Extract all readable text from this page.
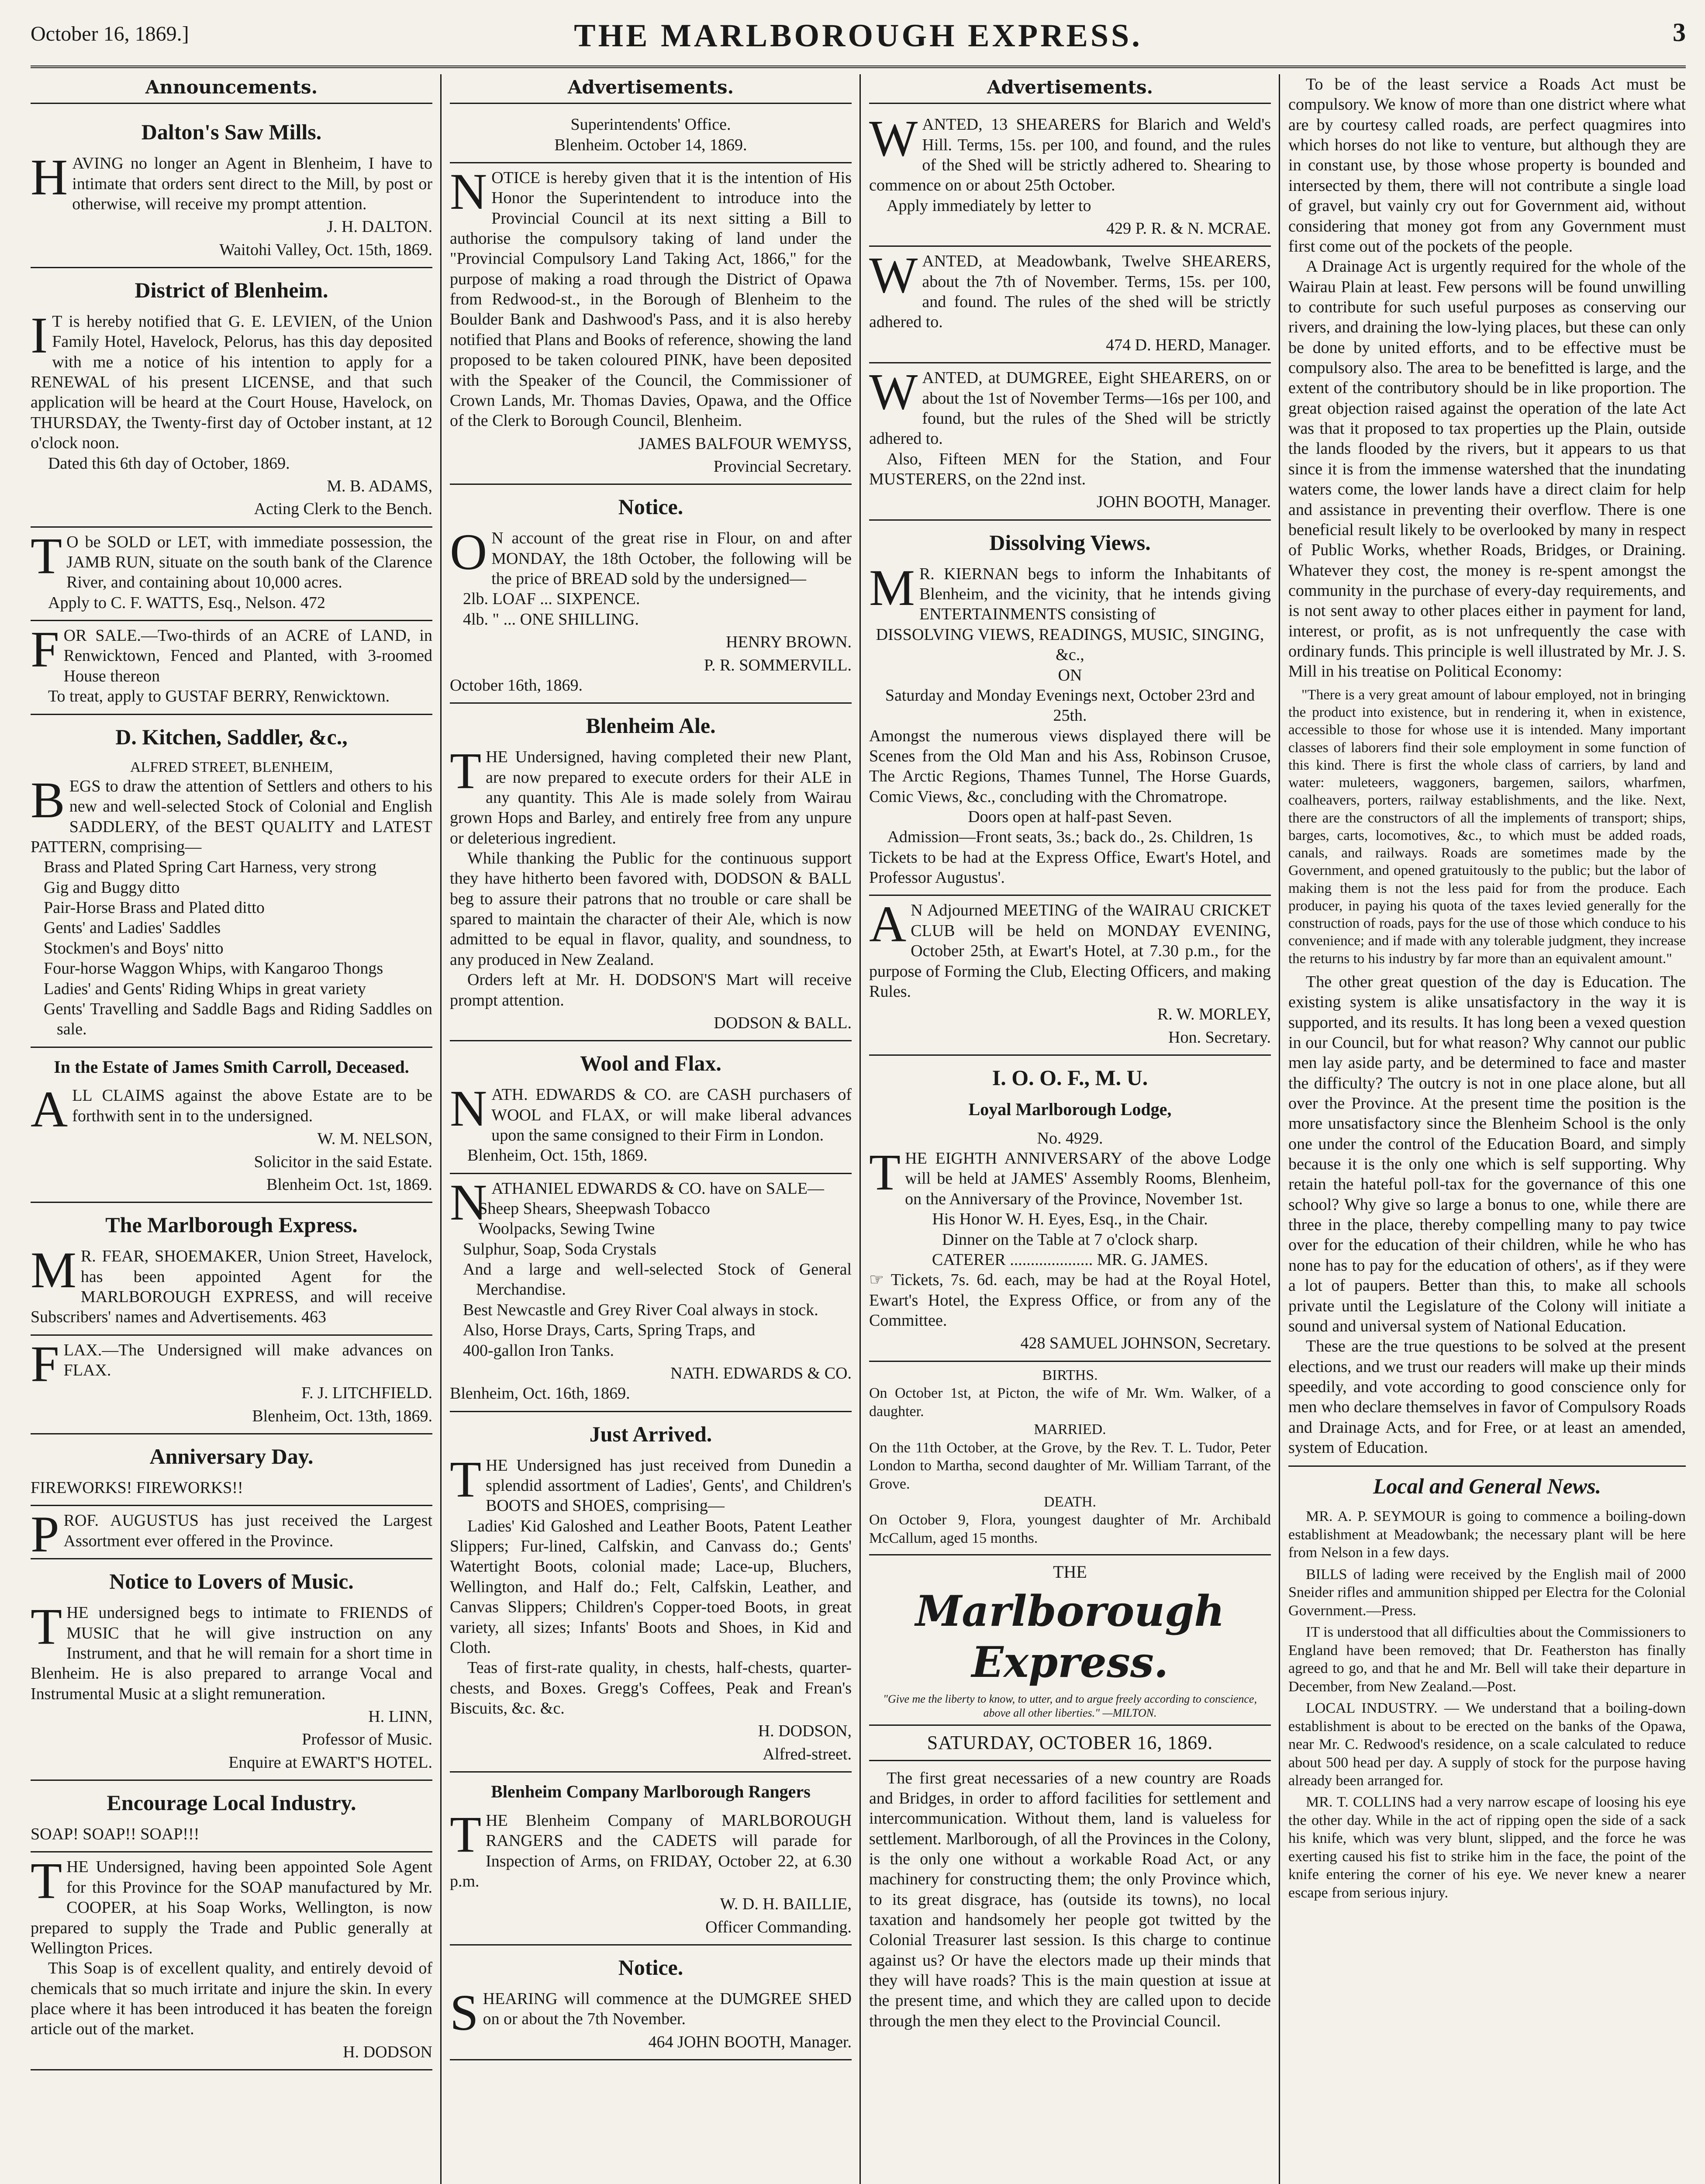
October 16, 1869.]	THE MARLBOROUGH EXPRESS.	3
Announcements.
Dalton's Saw Mills.

HAVING no longer an Agent in Blenheim, I have to intimate that orders sent direct to the Mill, by post or otherwise, will receive my prompt attention.

J. H. DALTON.
Waitohi Valley, Oct. 15th, 1869.
District of Blenheim.

I T is hereby notified that G. E. LEVIEN, of the Union Family Hotel, Havelock, Pelorus, has this day deposited with me a notice of his intention to apply for a RENEWAL of his present LICENSE, and that such application will be heard at the Court House, Havelock, on THURSDAY, the Twenty-first day of October instant, at 12 o'clock noon.

Dated this 6th day of October, 1869.

M. B. ADAMS,
Acting Clerk to the Bench.

T O be SOLD or LET, with immediate possession, the JAMB RUN, situate on the south bank of the Clarence River, and containing about 10,000 acres.

Apply to C. F. WATTS, Esq., Nelson. 472

FOR SALE.—Two-thirds of an ACRE of LAND, in Renwicktown, Fenced and Planted, with 3-roomed House thereon

To treat, apply to GUSTAF BERRY, Renwicktown.

D. Kitchen, Saddler, &c.,
ALFRED STREET, BLENHEIM,

BEGS to draw the attention of Settlers and others to his new and well-selected Stock of Colonial and English SADDLERY, of the BEST QUALITY and LATEST PATTERN, comprising—

Brass and Plated Spring Cart Harness, very strong
Gig and Buggy ditto
Pair-Horse Brass and Plated ditto
Gents' and Ladies' Saddles
Stockmen's and Boys' nitto
Four-horse Waggon Whips, with Kangaroo Thongs
Ladies' and Gents' Riding Whips in great variety
Gents' Travelling and Saddle Bags and Riding Saddles on sale.
In the Estate of James Smith Carroll, Deceased.

ALL CLAIMS against the above Estate are to be forthwith sent in to the undersigned.

W. M. NELSON,
Solicitor in the said Estate.
Blenheim Oct. 1st, 1869.
The Marlborough Express.

M R. FEAR, SHOEMAKER, Union Street, Havelock, has been appointed Agent for the MARLBOROUGH EXPRESS, and will receive Subscribers' names and Advertisements. 463

FLAX.—The Undersigned will make advances on FLAX.

F. J. LITCHFIELD.
Blenheim, Oct. 13th, 1869.
Anniversary Day.

FIREWORKS! FIREWORKS!!

PROF. AUGUSTUS has just received the Largest Assortment ever offered in the Province.

Notice to Lovers of Music.

THE undersigned begs to intimate to FRIENDS of MUSIC that he will give instruction on any Instrument, and that he will remain for a short time in Blenheim. He is also prepared to arrange Vocal and Instrumental Music at a slight remuneration.

H. LINN,
Professor of Music.
Enquire at EWART'S HOTEL.
Encourage Local Industry.

SOAP! SOAP!! SOAP!!!

THE Undersigned, having been appointed Sole Agent for this Province for the SOAP manufactured by Mr. COOPER, at his Soap Works, Wellington, is now prepared to supply the Trade and Public generally at Wellington Prices.

This Soap is of excellent quality, and entirely devoid of chemicals that so much irritate and injure the skin. In every place where it has been introduced it has beaten the foreign article out of the market.

H. DODSON
Advertisements.
Superintendents' Office.
Blenheim. October 14, 1869.

NOTICE is hereby given that it is the intention of His Honor the Superintendent to introduce into the Provincial Council at its next sitting a Bill to authorise the compulsory taking of land under the "Provincial Compulsory Land Taking Act, 1866," for the purpose of making a road through the District of Opawa from Redwood-st., in the Borough of Blenheim to the Boulder Bank and Dashwood's Pass, and it is also hereby notified that Plans and Books of reference, showing the land proposed to be taken coloured PINK, have been deposited with the Speaker of the Council, the Commissioner of Crown Lands, Mr. Thomas Davies, Opawa, and the Office of the Clerk to Borough Council, Blenheim.

JAMES BALFOUR WEMYSS,
Provincial Secretary.
Notice.

O N account of the great rise in Flour, on and after MONDAY, the 18th October, the following will be the price of BREAD sold by the undersigned—

2lb. LOAF ... SIXPENCE.
4lb. " ... ONE SHILLING.
HENRY BROWN.
P. R. SOMMERVILL.
October 16th, 1869.
Blenheim Ale.

THE Undersigned, having completed their new Plant, are now prepared to execute orders for their ALE in any quantity. This Ale is made solely from Wairau grown Hops and Barley, and entirely free from any unpure or deleterious ingredient.

While thanking the Public for the continuous support they have hitherto been favored with, DODSON & BALL beg to assure their patrons that no trouble or care shall be spared to maintain the character of their Ale, which is now admitted to be equal in flavor, quality, and soundness, to any produced in New Zealand.

Orders left at Mr. H. DODSON'S Mart will receive prompt attention.

DODSON & BALL.
Wool and Flax.

NATH. EDWARDS & CO. are CASH purchasers of WOOL and FLAX, or will make liberal advances upon the same consigned to their Firm in London.

Blenheim, Oct. 15th, 1869.

NATHANIEL EDWARDS & CO. have on SALE—

Sheep Shears, Sheepwash Tobacco
Woolpacks, Sewing Twine
Sulphur, Soap, Soda Crystals
And a large and well-selected Stock of General Merchandise.
Best Newcastle and Grey River Coal always in stock.
Also, Horse Drays, Carts, Spring Traps, and
400-gallon Iron Tanks.
NATH. EDWARDS & CO.
Blenheim, Oct. 16th, 1869.
Just Arrived.

THE Undersigned has just received from Dunedin a splendid assortment of Ladies', Gents', and Children's BOOTS and SHOES, comprising—

Ladies' Kid Galoshed and Leather Boots, Patent Leather Slippers; Fur-lined, Calfskin, and Canvass do.; Gents' Watertight Boots, colonial made; Lace-up, Bluchers, Wellington, and Half do.; Felt, Calfskin, Leather, and Canvas Slippers; Children's Copper-toed Boots, in great variety, all sizes; Infants' Boots and Shoes, in Kid and Cloth.

Teas of first-rate quality, in chests, half-chests, quarter-chests, and Boxes. Gregg's Coffees, Peak and Frean's Biscuits, &c. &c.

H. DODSON,
Alfred-street.
Blenheim Company Marlborough Rangers

THE Blenheim Company of MARLBOROUGH RANGERS and the CADETS will parade for Inspection of Arms, on FRIDAY, October 22, at 6.30 p.m.

W. D. H. BAILLIE,
Officer Commanding.
Notice.

SHEARING will commence at the DUMGREE SHED on or about the 7th November.

464 JOHN BOOTH, Manager.
Advertisements.

WANTED, 13 SHEARERS for Blarich and Weld's Hill. Terms, 15s. per 100, and found, and the rules of the Shed will be strictly adhered to. Shearing to commence on or about 25th October.

Apply immediately by letter to

429 P. R. & N. MCRAE.

WANTED, at Meadowbank, Twelve SHEARERS, about the 7th of November. Terms, 15s. per 100, and found. The rules of the shed will be strictly adhered to.

474 D. HERD, Manager.

WANTED, at DUMGREE, Eight SHEARERS, on or about the 1st of November Terms—16s per 100, and found, but the rules of the Shed will be strictly adhered to.

Also, Fifteen MEN for the Station, and Four MUSTERERS, on the 22nd inst.

JOHN BOOTH, Manager.
Dissolving Views.

M R. KIERNAN begs to inform the Inhabitants of Blenheim, and the vicinity, that he intends giving ENTERTAINMENTS consisting of

DISSOLVING VIEWS, READINGS, MUSIC, SINGING, &c.,
ON
Saturday and Monday Evenings next, October 23rd and 25th.
Amongst the numerous views displayed there will be Scenes from the Old Man and his Ass, Robinson Crusoe, The Arctic Regions, Thames Tunnel, The Horse Guards, Comic Views, &c., concluding with the Chromatrope.
Doors open at half-past Seven.
Admission—Front seats, 3s.; back do., 2s. Children, 1s
Tickets to be had at the Express Office, Ewart's Hotel, and Professor Augustus'.

A N Adjourned MEETING of the WAIRAU CRICKET CLUB will be held on MONDAY EVENING, October 25th, at Ewart's Hotel, at 7.30 p.m., for the purpose of Forming the Club, Electing Officers, and making Rules.

R. W. MORLEY,
Hon. Secretary.
I. O. O. F., M. U.
Loyal Marlborough Lodge,
No. 4929.

THE EIGHTH ANNIVERSARY of the above Lodge will be held at JAMES' Assembly Rooms, Blenheim, on the Anniversary of the Province, November 1st.

His Honor W. H. Eyes, Esq., in the Chair.
Dinner on the Table at 7 o'clock sharp.
CATERER .................... MR. G. JAMES.
☞ Tickets, 7s. 6d. each, may be had at the Royal Hotel, Ewart's Hotel, the Express Office, or from any of the Committee.
428 SAMUEL JOHNSON, Secretary.
BIRTHS.
On October 1st, at Picton, the wife of Mr. Wm. Walker, of a daughter.
MARRIED.
On the 11th October, at the Grove, by the Rev. T. L. Tudor, Peter London to Martha, second daughter of Mr. William Tarrant, of the Grove.
DEATH.
On October 9, Flora, youngest daughter of Mr. Archibald McCallum, aged 15 months.
THE
Marlborough Express.
"Give me the liberty to know, to utter, and to argue freely according to conscience, above all other liberties." —MILTON.
SATURDAY, OCTOBER 16, 1869.

The first great necessaries of a new country are Roads and Bridges, in order to afford facilities for settlement and intercommunication. Without them, land is valueless for settlement. Marlborough, of all the Provinces in the Colony, is the only one without a workable Road Act, or any machinery for constructing them; the only Province which, to its great disgrace, has (outside its towns), no local taxation and handsomely her people got twitted by the Colonial Treasurer last session. Is this charge to continue against us? Or have the electors made up their minds that they will have roads? This is the main question at issue at the present time, and which they are called upon to decide through the men they elect to the Provincial Council.

To be of the least service a Roads Act must be compulsory. We know of more than one district where what are by courtesy called roads, are perfect quagmires into which horses do not like to venture, but although they are in constant use, by those whose property is bounded and intersected by them, there will not contribute a single load of gravel, but vainly cry out for Government aid, without considering that money got from any Government must first come out of the pockets of the people.

A Drainage Act is urgently required for the whole of the Wairau Plain at least. Few persons will be found unwilling to contribute for such useful purposes as conserving our rivers, and draining the low-lying places, but these can only be done by united efforts, and to be effective must be compulsory also. The area to be benefitted is large, and the extent of the contributory should be in like proportion. The great objection raised against the operation of the late Act was that it proposed to tax properties up the Plain, outside the lands flooded by the rivers, but it appears to us that since it is from the immense watershed that the inundating waters come, the lower lands have a direct claim for help and assistance in preventing their overflow. There is one beneficial result likely to be overlooked by many in respect of Public Works, whether Roads, Bridges, or Draining. Whatever they cost, the money is re-spent amongst the community in the purchase of every-day requirements, and is not sent away to other places either in payment for land, interest, or profit, as is not unfrequently the case with ordinary funds. This principle is well illustrated by Mr. J. S. Mill in his treatise on Political Economy:

"There is a very great amount of labour employed, not in bringing the product into existence, but in rendering it, when in existence, accessible to those for whose use it is intended. Many important classes of laborers find their sole employment in some function of this kind. There is first the whole class of carriers, by land and water: muleteers, waggoners, bargemen, sailors, wharfmen, coalheavers, porters, railway establishments, and the like. Next, there are the constructors of all the implements of transport; ships, barges, carts, locomotives, &c., to which must be added roads, canals, and railways. Roads are sometimes made by the Government, and opened gratuitously to the public; but the labor of making them is not the less paid for from the produce. Each producer, in paying his quota of the taxes levied generally for the construction of roads, pays for the use of those which conduce to his convenience; and if made with any tolerable judgment, they increase the returns to his industry by far more than an equivalent amount."

The other great question of the day is Education. The existing system is alike unsatisfactory in the way it is supported, and its results. It has long been a vexed question in our Council, but for what reason? Why cannot our public men lay aside party, and be determined to face and master the difficulty? The outcry is not in one place alone, but all over the Province. At the present time the position is the more unsatisfactory since the Blenheim School is the only one under the control of the Education Board, and simply because it is the only one which is self supporting. Why retain the hateful poll-tax for the governance of this one school? Why give so large a bonus to one, while there are three in the place, thereby compelling many to pay twice over for the education of their children, while he who has none has to pay for the education of others', as if they were a lot of paupers. Better than this, to make all schools private until the Legislature of the Colony will initiate a sound and universal system of National Education.

These are the true questions to be solved at the present elections, and we trust our readers will make up their minds speedily, and vote according to good conscience only for men who declare themselves in favor of Compulsory Roads and Drainage Acts, and for Free, or at least an amended, system of Education.

Local and General News.

MR. A. P. SEYMOUR is going to commence a boiling-down establishment at Meadowbank; the necessary plant will be here from Nelson in a few days.

BILLS of lading were received by the English mail of 2000 Sneider rifles and ammunition shipped per Electra for the Colonial Government.—Press.

IT is understood that all difficulties about the Commissioners to England have been removed; that Dr. Featherston has finally agreed to go, and that he and Mr. Bell will take their departure in December, from New Zealand.—Post.

LOCAL INDUSTRY. — We understand that a boiling-down establishment is about to be erected on the banks of the Opawa, near Mr. C. Redwood's residence, on a scale calculated to reduce about 500 head per day. A supply of stock for the purpose having already been arranged for.

MR. T. COLLINS had a very narrow escape of loosing his eye the other day. While in the act of ripping open the side of a sack his knife, which was very blunt, slipped, and the force he was exerting caused his fist to strike him in the face, the point of the knife entering the corner of his eye. We never knew a nearer escape from serious injury.
